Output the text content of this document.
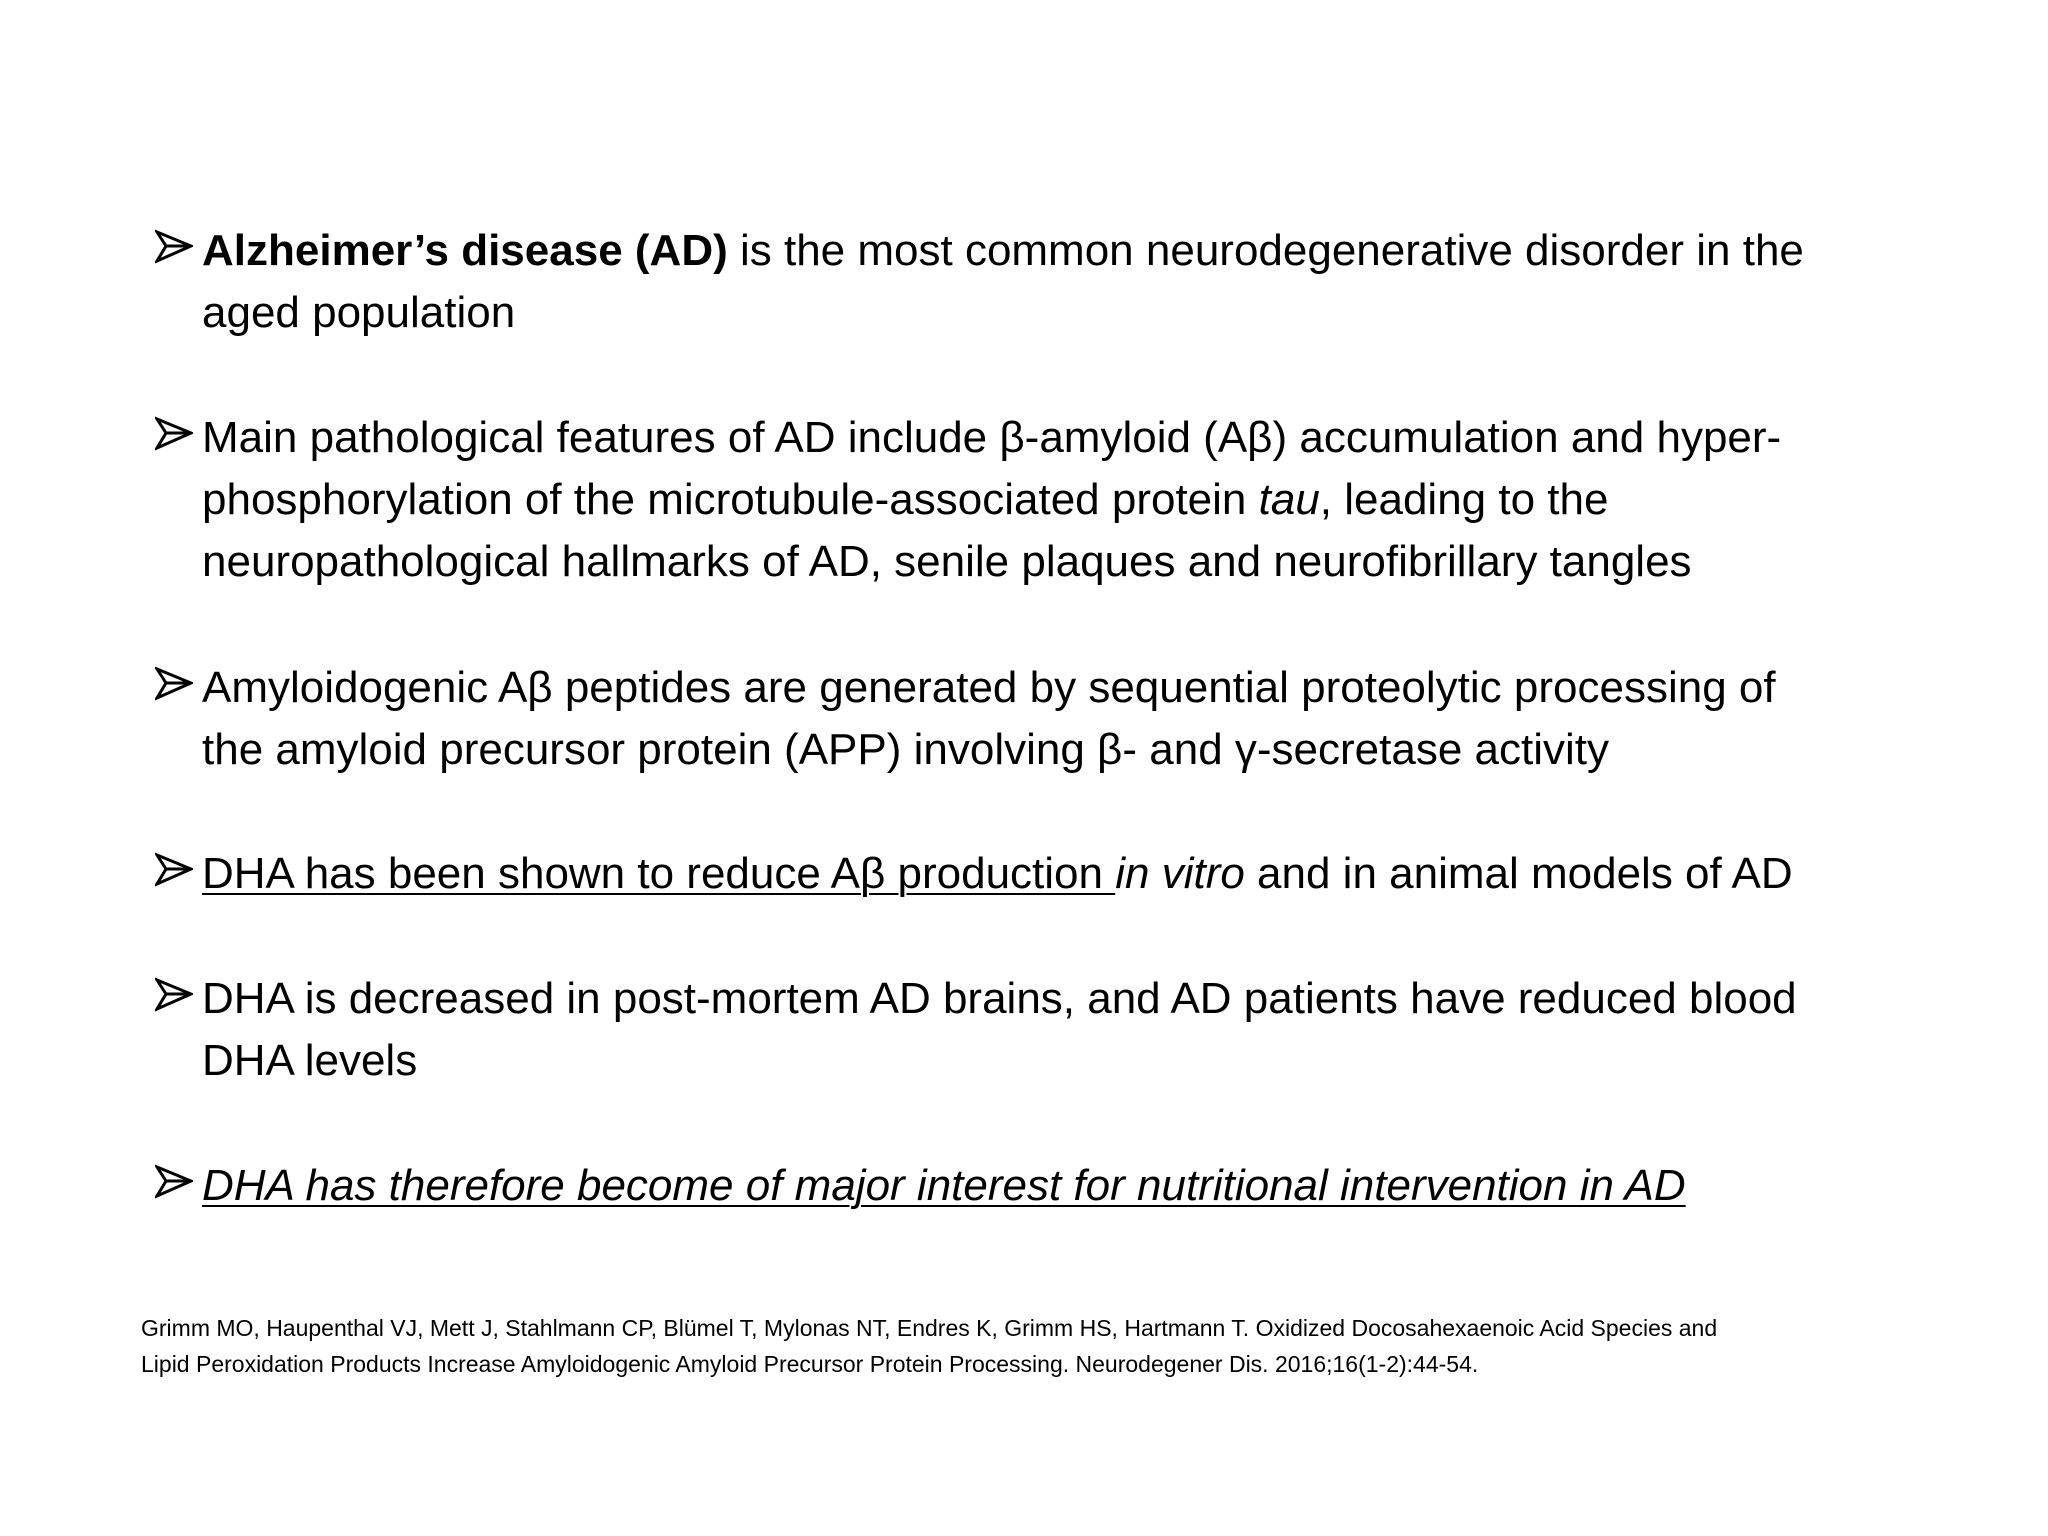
Alzheimer’s disease (AD) is the most common neurodegenerative disorder in the
aged population
Main pathological features of AD include β-amyloid (Aβ) accumulation and hyper-
phosphorylation of the microtubule-associated protein tau, leading to the
neuropathological hallmarks of AD, senile plaques and neurofibrillary tangles
Amyloidogenic Aβ peptides are generated by sequential proteolytic processing of
the amyloid precursor protein (APP) involving β- and γ-secretase activity
DHA has been shown to reduce Aβ production in vitro and in animal models of AD
DHA is decreased in post-mortem AD brains, and AD patients have reduced blood
DHA levels
DHA has therefore become of major interest for nutritional intervention in AD
Grimm MO, Haupenthal VJ, Mett J, Stahlmann CP, Blümel T, Mylonas NT, Endres K, Grimm HS, Hartmann T. Oxidized Docosahexaenoic Acid Species and
Lipid Peroxidation Products Increase Amyloidogenic Amyloid Precursor Protein Processing. Neurodegener Dis. 2016;16(1-2):44-54.
